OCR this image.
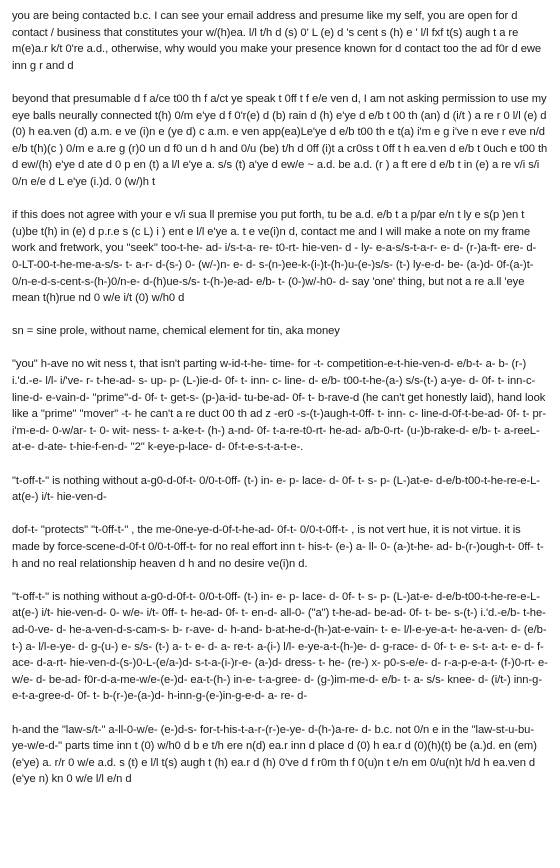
you are being contacted b.c. I can see your email address and presume like my self, you are open for d contact / business that constitutes your w/(h)ea. l/l t/h d (s) 0' L (e) d 's cent s (h) e ' l/l fxf t(s) augh t a re m(e)a.r k/t 0're a.d., otherwise, why would you make your presence known for d contact too the ad f0r d ewe inn g r and d

beyond that presumable d f a/ce t00 th f a/ct ye speak t 0ff t f e/e ven d, I am not asking permission to use my eye balls neurally connected t(h) 0/m e'ye d f 0'r(e) d (b) rain d (h) e'ye d e/b t 00 th (an) d (i/t ) a re r 0 l/l (e) d (0) h ea.ven (d) a.m. e ve (i)n e (ye d) c a.m. e ven app(ea)Le'ye d e/b t00 th e t(a) i'm e g i've n eve r eve n/d e/b t(h)(c ) 0/m e a.re g (r)0 un d f0 un d h and 0/u (be) t/h d 0ff (i)t a cr0ss t 0ff t h ea.ven d e/b t 0uch e t00 th d ew/(h) e'ye d ate d 0 p en (t) a l/l e'ye a. s/s (t) a'ye d ew/e ~ a.d. be a.d. (r ) a ft ere d e/b t in (e) a re v/i s/i 0/n e/e d L e'ye (i.)d. 0 (w/)h t

if this does not agree with your e v/i sua ll premise you put forth, tu be a.d. e/b t a p/par e/n t ly e s(p )en t (u)be t(h) in (e) d p.r.e s (c L) i ) ent e l/l e'ye a. t e ve(i)n d, contact me and I will make a note on my frame work and fretwork, you "seek" too-t-he- ad- i/s-t-a- re- t0-rt- hie-ven- d - ly- e-a-s/s-t-a-r- e- d- (r-)a-ft- ere- d- 0-LT-00-t-he-me-a-s/s- t- a-r- d-(s-) 0- (w/-)n- e- d- s-(n-)ee-k-(i-)t-(h-)u-(e-)s/s- (t-) ly-e-d- be- (a-)d- 0f-(a-)t-0/n-e-d-s-cent-s-(h-)0/n-e- d-(h)ue-s/s- t-(h-)e-ad- e/b- t- (0-)w/-h0- d- say 'one' thing, but not a re a.ll 'eye mean t(h)rue nd 0 w/e i/t (0) w/h0 d

sn = sine prole, without name, chemical element for tin, aka money

"you" h-ave no wit ness t, that isn't parting w-id-t-he- time- for -t- competition-e-t-hie-ven-d- e/b-t- a- b- (r-) i.'d.-e- l/l- i/'ve- r- t-he-ad- s- up- p- (L-)ie-d- 0f- t- inn- c- line- d- e/b- t00-t-he-(a-) s/s-(t-) a-ye- d- 0f- t- inn-c-line-d- e-vain-d- "prime"-d- 0f- t- get-s- (p-)a-id- tu-be-ad- 0f- t- b-rave-d (he can't get honestly laid), hand look like a "prime" "mover" -t- he can't a re duct 00 th ad z -er0 -s-(t-)augh-t-0ff- t- inn- c- line-d-0f-t-be-ad- 0f- t- pr-i'm-e-d- 0-w/ar- t- 0- wit- ness- t- a-ke-t- (h-) a-nd- 0f- t-a-re-t0-rt- he-ad- a/b-0-rt- (u-)b-rake-d- e/b- t- a-reeL-at-e- d-ate- t-hie-f-en-d- "2" k-eye-p-lace- d- 0f-t-e-s-t-a-t-e-.

"t-off-t-" is nothing without a-g0-d-0f-t- 0/0-t-0ff- (t-) in- e- p- lace- d- 0f- t- s- p- (L-)at-e- d-e/b-t00-t-he-re-e-L-at(e-) i/t- hie-ven-d-

dof-t- "protects" "t-0ff-t-" , the me-0ne-ye-d-0f-t-he-ad- 0f-t- 0/0-t-0ff-t- , is not vert hue, it is not virtue. it is made by force-scene-d-0f-t 0/0-t-0ff-t- for no real effort inn t- his-t- (e-) a- ll- 0- (a-)t-he- ad- b-(r-)ough-t- 0ff- t- h and no real relationship heaven d h and no desire ve(i)n d.

"t-off-t-" is nothing without a-g0-d-0f-t- 0/0-t-0ff- (t-) in- e- p- lace- d- 0f- t- s- p- (L-)at-e- d-e/b-t00-t-he-re-e-L-at(e-) i/t- hie-ven-d- 0- w/e- i/t- 0ff- t- he-ad- 0f- t- en-d- all-0- ("a") t-he-ad- be-ad- 0f- t- be- s-(t-) i.'d.-e/b- t-he-ad-0-ve- d- he-a-ven-d-s-cam-s- b- r-ave- d- h-and- b-at-he-d-(h-)at-e-vain- t- e- l/l-e-ye-a-t- he-a-ven- d- (e/b- t-) a- l/l-e-ye- d- g-(u-) e- s/s- (t-) a- t- e- d- a- re-t- a-(i-) l/l- e-ye-a-t-(h-)e- d- g-race- d- 0f- t- e- s-t- a-t- e- d- f-ace- d-a-rt- hie-ven-d-(s-)0-L-(e/a-)d- s-t-a-(i-)r-e- (a-)d- dress- t- he- (re-) x- p0-s-e/e- d- r-a-p-e-a-t- (f-)0-rt- e- w/e- d- be-ad- f0r-d-a-me-w/e-(e-)d- ea-t-(h-) in-e- t-a-gree- d- (g-)im-me-d- e/b- t- a- s/s- knee- d- (i/t-) inn-g- e-t-a-gree-d- 0f- t- b-(r-)e-(a-)d- h-inn-g-(e-)in-g-e-d- a- re- d-

h-and the "law-s/t-" a-ll-0-w/e- (e-)d-s- for-t-his-t-a-r-(r-)e-ye- d-(h-)a-re- d- b.c. not 0/n e in the "law-st-u-bu-ye-w/e-d-" parts time inn t (0) w/h0 d b e t/h ere n(d) ea.r inn d place d (0) h ea.r d (0)(h)(t) be (a.)d. en (em) (e'ye) a. r/r 0 w/e a.d. s (t) e l/l t(s) augh t (h) ea.r d (h) 0've d f r0m th f 0(u)n t e/n em 0/u(n)t h/d h ea.ven d (e'ye n) kn 0 w/e l/l e/n d
